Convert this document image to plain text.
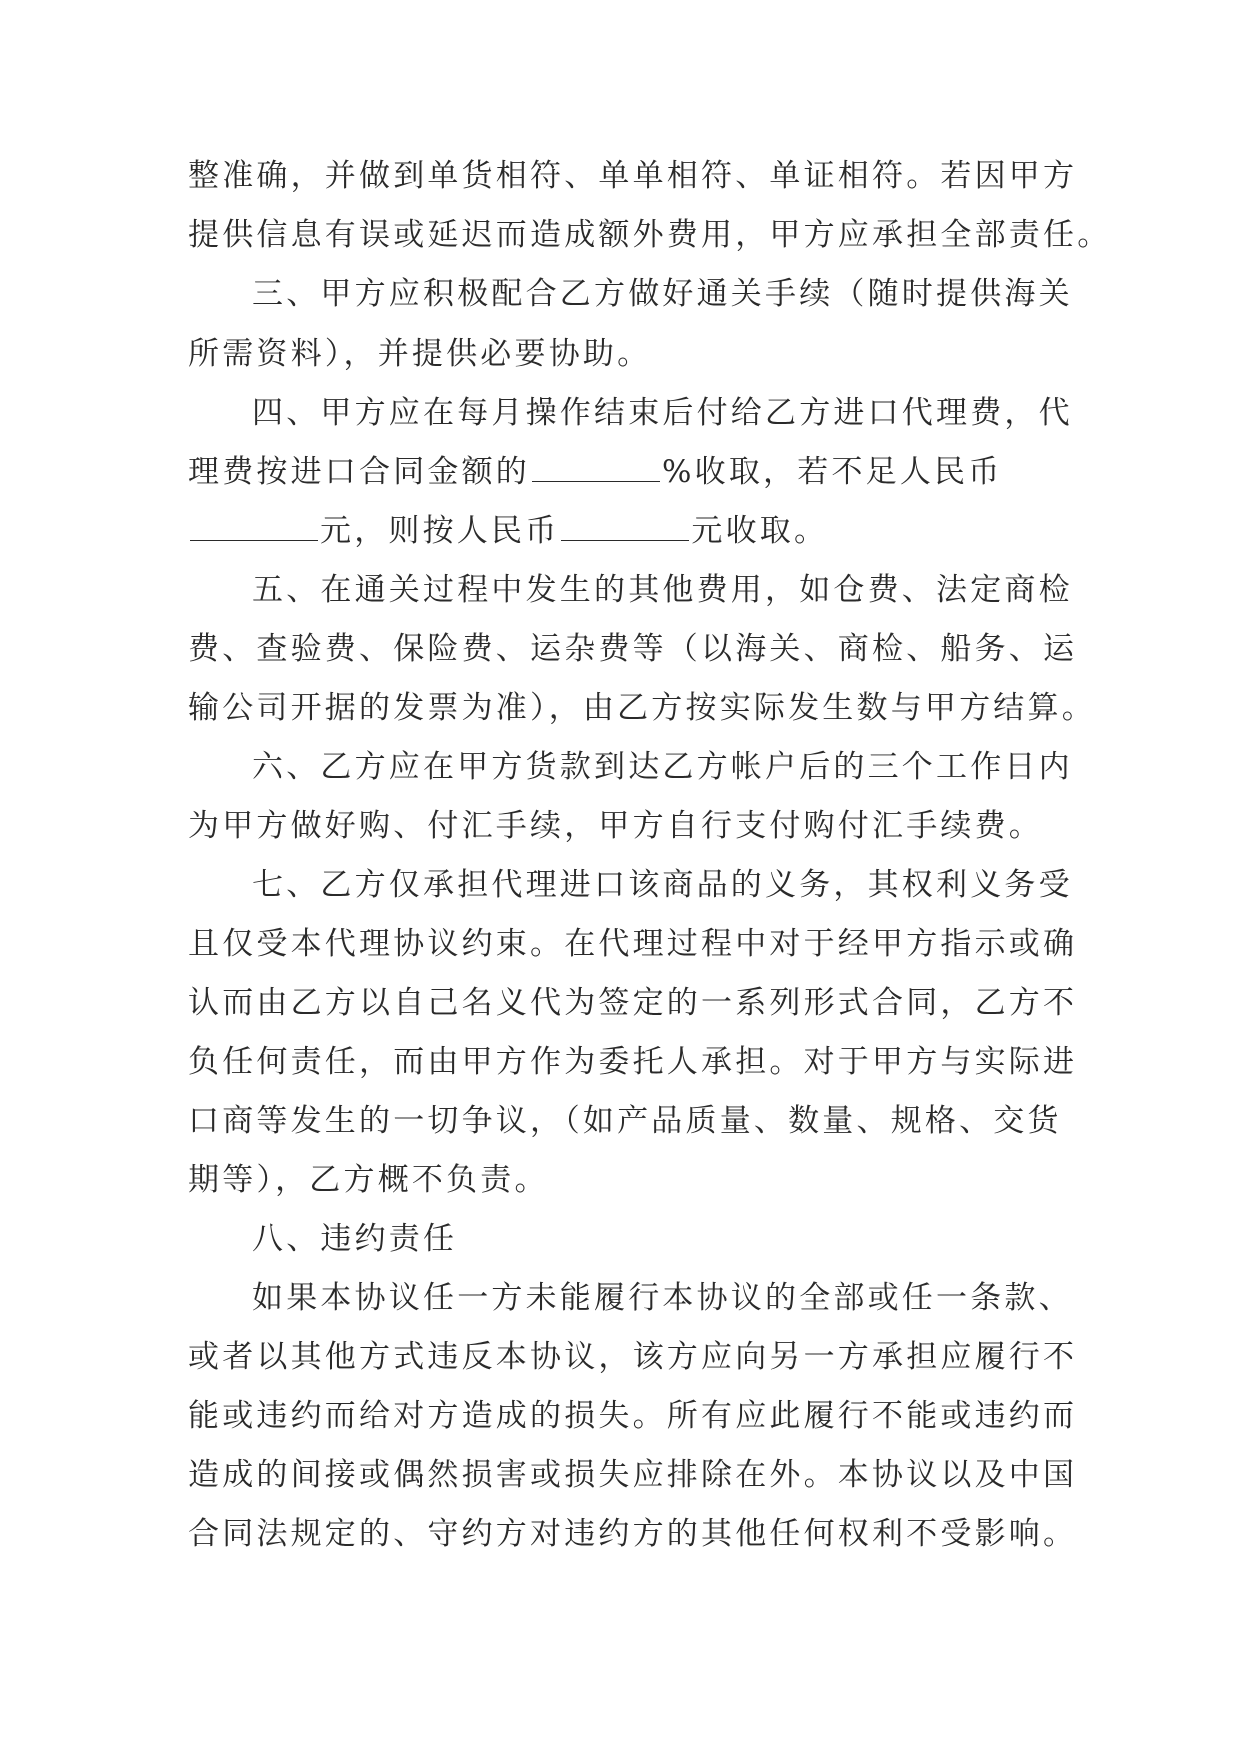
整准确，并做到单货相符、单单相符、单证相符。若因甲方
提供信息有误或延迟而造成额外费用，甲方应承担全部责任。
三、甲方应积极配合乙方做好通关手续（随时提供海关
所需资料），并提供必要协助。
四、甲方应在每月操作结束后付给乙方进口代理费，代
理费按进口合同金额的	%收取，若不足人民币
元，则按人民币	元收取。
五、在通关过程中发生的其他费用，如仓费、法定商检
费、查验费、保险费、运杂费等（以海关、商检、船务、运
输公司开据的发票为准），由乙方按实际发生数与甲方结算。
六、乙方应在甲方货款到达乙方帐户后的三个工作日内
为甲方做好购、付汇手续，甲方自行支付购付汇手续费。
七、乙方仅承担代理进口该商品的义务，其权利义务受
且仅受本代理协议约束。在代理过程中对于经甲方指示或确
认而由乙方以自己名义代为签定的一系列形式合同，乙方不
负任何责任，而由甲方作为委托人承担。对于甲方与实际进
口商等发生的一切争议，（如产品质量、数量、规格、交货
期等），乙方概不负责。
八、违约责任
如果本协议任一方未能履行本协议的全部或任一条款、
或者以其他方式违反本协议，该方应向另一方承担应履行不
能或违约而给对方造成的损失。所有应此履行不能或违约而
造成的间接或偶然损害或损失应排除在外。本协议以及中国
合同法规定的、守约方对违约方的其他任何权利不受影响。
